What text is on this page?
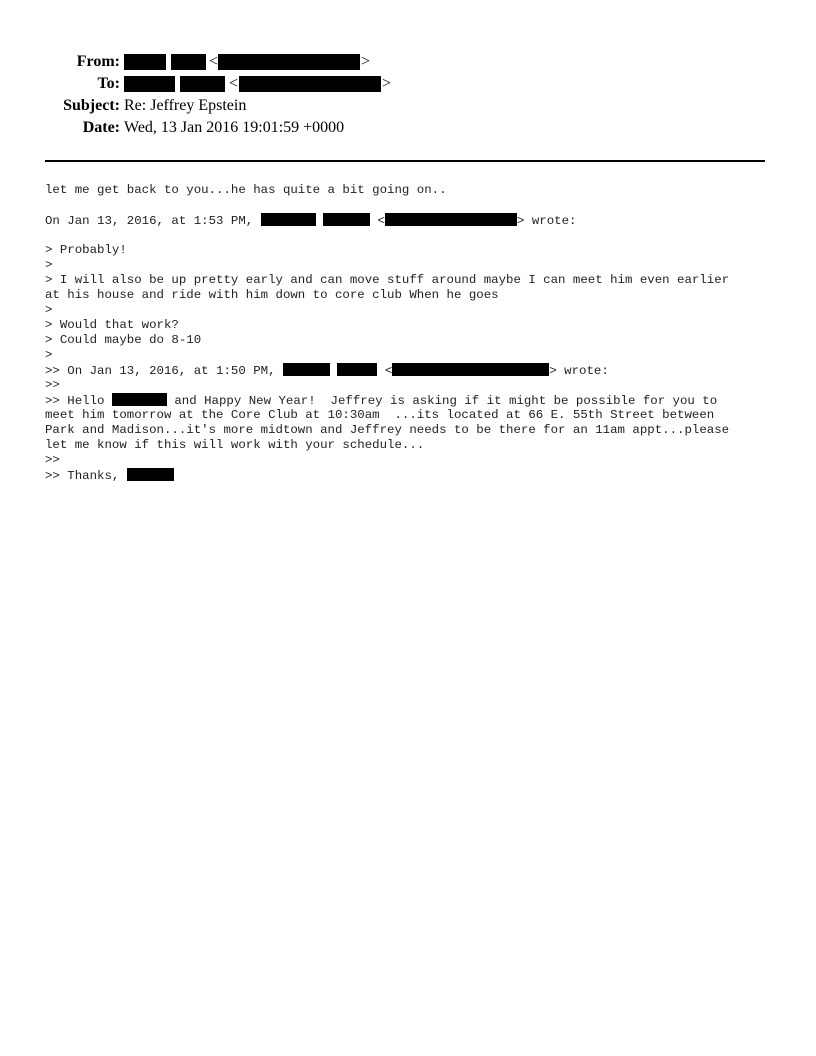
From:	<	>
To:	<	>
Subject: Re: Jeffrey Epstein
Date: Wed, 13 Jan 2016 19:01:59 +0000
let me get back to you...he has quite a bit going on..
On Jan 13, 2016, at 1:53 PM,	<	> wrote:
> Probably!
>
> I will also be up pretty early and can move stuff around maybe I can meet him even earlier
at his house and ride with him down to core club When he goes
>
> Would that work?
> Could maybe do 8-10
>
>> On Jan 13, 2016, at 1:50 PM,	<	> wrote:
>>
>> Hello	and Happy New Year!  Jeffrey is asking if it might be possible for you to
meet him tomorrow at the Core Club at 10:30am  ...its located at 66 E. 55th Street between
Park and Madison...it's more midtown and Jeffrey needs to be there for an 11am appt...please
let me know if this will work with your schedule...
>>
>> Thanks,
